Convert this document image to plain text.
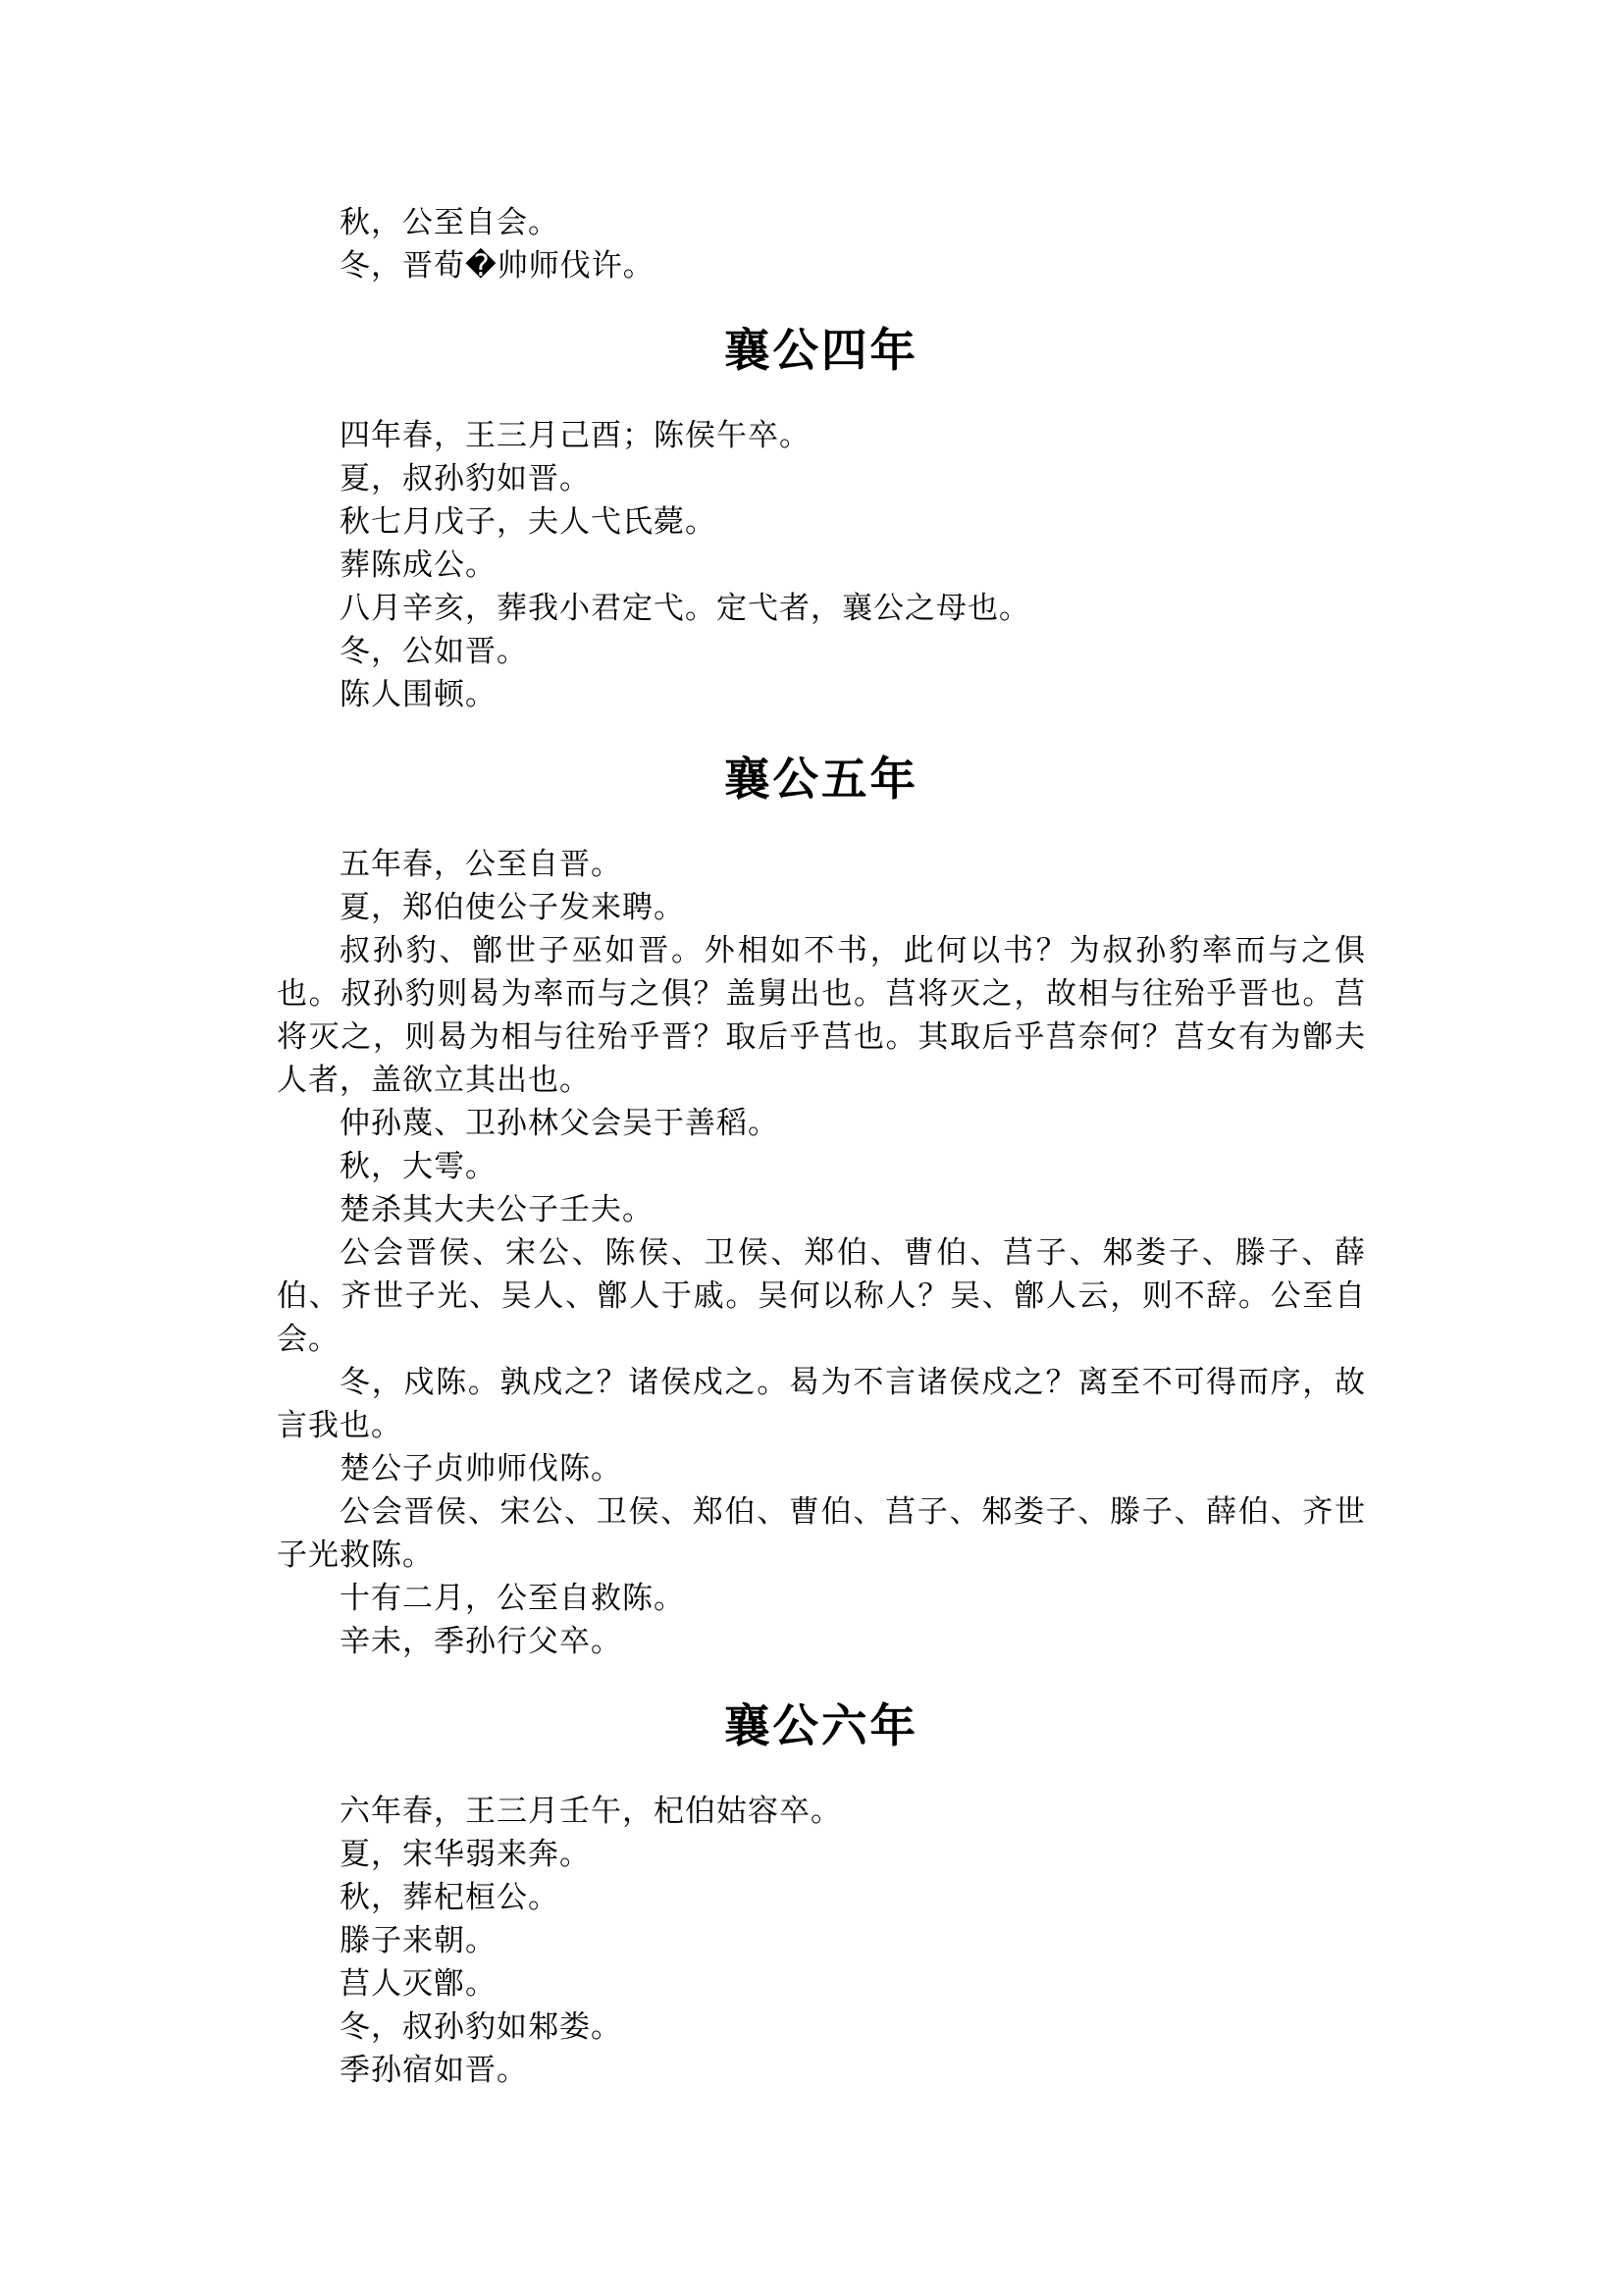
秋，公至自会。

冬，晋荀�帅师伐许。

襄公四年

四年春，王三月己酉；陈侯午卒。

夏，叔孙豹如晋。

秋七月戊子，夫人弋氏薨。

葬陈成公。

八月辛亥，葬我小君定弋。定弋者，襄公之母也。

冬，公如晋。

陈人围顿。

襄公五年

五年春，公至自晋。

夏，郑伯使公子发来聘。

叔孙豹、鄫世子巫如晋。外相如不书，此何以书？为叔孙豹率而与之俱也。叔孙豹则曷为率而与之俱？盖舅出也。莒将灭之，故相与往殆乎晋也。莒将灭之，则曷为相与往殆乎晋？取后乎莒也。其取后乎莒奈何？莒女有为鄫夫人者，盖欲立其出也。

仲孙蔑、卫孙林父会吴于善稻。

秋，大雩。

楚杀其大夫公子壬夫。

公会晋侯、宋公、陈侯、卫侯、郑伯、曹伯、莒子、邾娄子、滕子、薛伯、齐世子光、吴人、鄫人于戚。吴何以称人？吴、鄫人云，则不辞。公至自会。

冬，戍陈。孰戍之？诸侯戍之。曷为不言诸侯戍之？离至不可得而序，故言我也。

楚公子贞帅师伐陈。

公会晋侯、宋公、卫侯、郑伯、曹伯、莒子、邾娄子、滕子、薛伯、齐世子光救陈。

十有二月，公至自救陈。

辛未，季孙行父卒。

襄公六年

六年春，王三月壬午，杞伯姑容卒。

夏，宋华弱来奔。

秋，葬杞桓公。

滕子来朝。

莒人灭鄫。

冬，叔孙豹如邾娄。

季孙宿如晋。
